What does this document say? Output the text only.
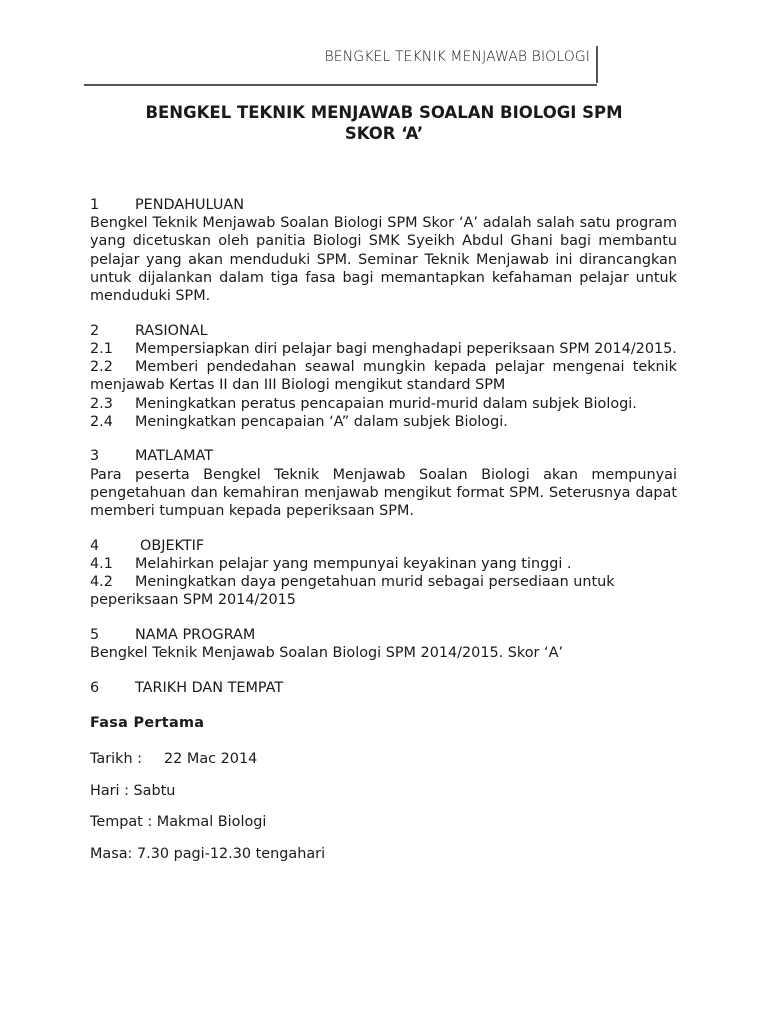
BENGKEL TEKNIK MENJAWAB BIOLOGI
BENGKEL TEKNIK MENJAWAB SOALAN BIOLOGI SPM
SKOR ‘A’
1	PENDAHULUAN
Bengkel Teknik Menjawab Soalan Biologi SPM Skor ‘A’ adalah salah satu program yang dicetuskan oleh panitia Biologi SMK Syeikh Abdul Ghani bagi membantu pelajar yang akan menduduki SPM. Seminar Teknik Menjawab ini dirancangkan untuk dijalankan dalam tiga fasa bagi memantapkan kefahaman pelajar untuk menduduki SPM.
2	RASIONAL
2.1 Mempersiapkan diri pelajar bagi menghadapi peperiksaan SPM 2014/2015.
2.2 Memberi pendedahan seawal mungkin kepada pelajar mengenai teknik menjawab Kertas II dan III Biologi mengikut standard SPM
2.3	Meningkatkan peratus pencapaian murid-murid dalam subjek Biologi.
2.4	Meningkatkan pencapaian ‘A” dalam subjek Biologi.
3	MATLAMAT
Para peserta Bengkel Teknik Menjawab Soalan Biologi akan mempunyai pengetahuan dan kemahiran menjawab mengikut format SPM. Seterusnya dapat memberi tumpuan kepada peperiksaan SPM.
4	OBJEKTIF
4.1	Melahirkan pelajar yang mempunyai keyakinan yang tinggi .
4.2 Meningkatkan daya pengetahuan murid sebagai persediaan untuk peperiksaan SPM 2014/2015
5	NAMA PROGRAM
Bengkel Teknik Menjawab Soalan Biologi SPM 2014/2015. Skor ‘A’
6	TARIKH DAN TEMPAT
Fasa Pertama
Tarikh : 22 Mac 2014
Hari : Sabtu
Tempat : Makmal Biologi
Masa: 7.30 pagi-12.30 tengahari
